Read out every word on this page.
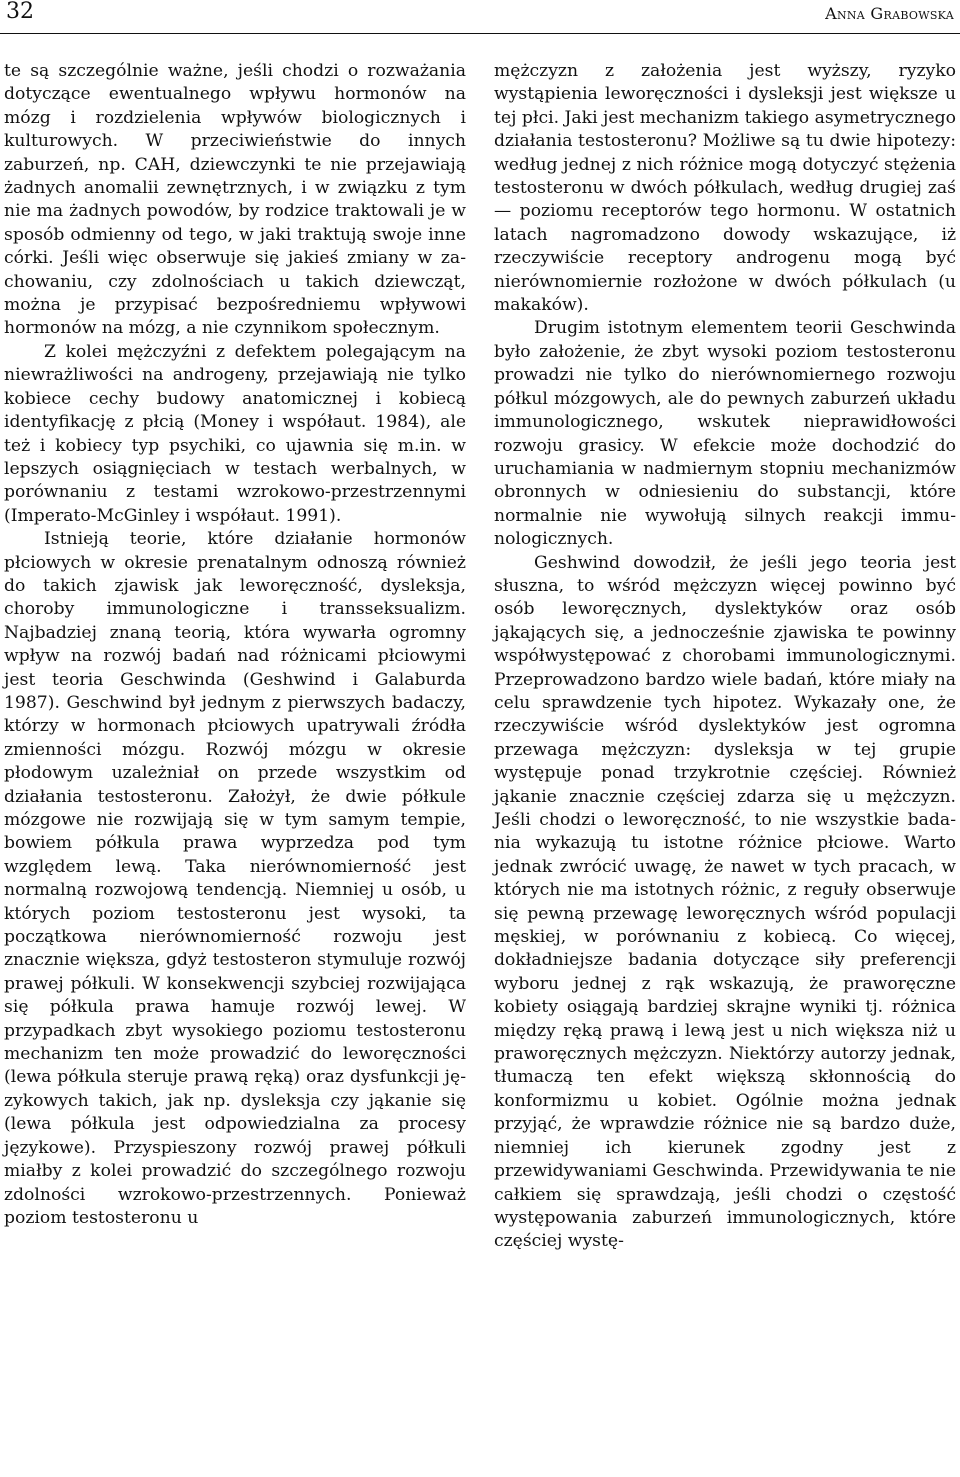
32	Anna Grabowska

te są szczególnie ważne, jeśli chodzi o rozważania dotyczące ewentualnego wpływu hormonów na mózg i rozdzielenia wpływów biologicznych i kulturowych. W przeciwieństwie do innych zaburzeń, np. CAH, dziewczynki te nie przejawiają żadnych anomalii zewnętrznych, i w związku z tym nie ma żadnych powodów, by rodzice traktowali je w sposób odmienny od tego, w jaki traktują swoje inne córki. Jeśli więc obserwuje się jakieś zmiany w zachowaniu, czy zdolnościach u takich dziewcząt, można je przypisać bezpośredniemu wpływowi hormonów na mózg, a nie czynnikom społecznym.

Z kolei mężczyźni z defektem polegającym na niewrażliwości na androgeny, przejawiają nie tylko kobiece cechy budowy anatomicznej i kobiecą identyfikację z płcią (Money i współaut. 1984), ale też i kobiecy typ psychiki, co ujawnia się m.in. w lepszych osiągnięciach w testach werbalnych, w porównaniu z testami wzrokowo-przestrzennymi (Imperato-McGinley i współaut. 1991).

Istnieją teorie, które działanie hormonów płciowych w okresie prenatalnym odnoszą również do takich zjawisk jak leworęczność, dysleksja, choroby immunologiczne i transseksualizm. Najbadziej znaną teorią, która wywarła ogromny wpływ na rozwój badań nad różnicami płciowymi jest teoria Geschwinda (Geshwind i Galaburda 1987). Geschwind był jednym z pierwszych badaczy, którzy w hormonach płciowych upatrywali źródła zmienności mózgu. Rozwój mózgu w okresie płodowym uzależniał on przede wszystkim od działania testosteronu. Założył, że dwie półkule mózgowe nie rozwijają się w tym samym tempie, bowiem półkula prawa wyprzedza pod tym względem lewą. Taka nierównomierność jest normalną rozwojową tendencją. Niemniej u osób, u których poziom testosteronu jest wysoki, ta początkowa nierównomierność rozwoju jest znacznie większa, gdyż testosteron stymuluje rozwój prawej półkuli. W konsekwencji szybciej rozwijająca się półkula prawa hamuje rozwój lewej. W przypadkach zbyt wysokiego poziomu testosteronu mechanizm ten może prowadzić do leworęczności (lewa półkula steruje prawą ręką) oraz dysfunkcji językowych takich, jak np. dysleksja czy jąkanie się (lewa półkula jest odpowiedzialna za procesy językowe). Przyspieszony rozwój prawej półkuli miałby z kolei prowadzić do szczególnego rozwoju zdolności wzrokowo-przestrzennych. Ponieważ poziom testosteronu u

mężczyzn z założenia jest wyższy, ryzyko wystąpienia leworęczności i dysleksji jest większe u tej płci. Jaki jest mechanizm takiego asymetrycznego działania testosteronu? Możliwe są tu dwie hipotezy: według jednej z nich różnice mogą dotyczyć stężenia testosteronu w dwóch półkulach, według drugiej zaś — poziomu receptorów tego hormonu. W ostatnich latach nagromadzono dowody wskazujące, iż rzeczywiście receptory androgenu mogą być nierównomiernie rozłożone w dwóch półkulach (u makaków).

Drugim istotnym elementem teorii Geschwinda było założenie, że zbyt wysoki poziom testosteronu prowadzi nie tylko do nierównomiernego rozwoju półkul mózgowych, ale do pewnych zaburzeń układu immunologicznego, wskutek nieprawidłowości rozwoju grasicy. W efekcie może dochodzić do uruchamiania w nadmiernym stopniu mechanizmów obronnych w odniesieniu do substancji, które normalnie nie wywołują silnych reakcji immunologicznych.

Geshwind dowodził, że jeśli jego teoria jest słuszna, to wśród mężczyzn więcej powinno być osób leworęcznych, dyslektyków oraz osób jąkających się, a jednocześnie zjawiska te powinny współwystępować z chorobami immunologicznymi. Przeprowadzono bardzo wiele badań, które miały na celu sprawdzenie tych hipotez. Wykazały one, że rzeczywiście wśród dyslektyków jest ogromna przewaga mężczyzn: dysleksja w tej grupie występuje ponad trzykrotnie częściej. Również jąkanie znacznie częściej zdarza się u mężczyzn. Jeśli chodzi o leworęczność, to nie wszystkie badania wykazują tu istotne różnice płciowe. Warto jednak zwrócić uwagę, że nawet w tych pracach, w których nie ma istotnych różnic, z reguły obserwuje się pewną przewagę leworęcznych wśród populacji męskiej, w porównaniu z kobiecą. Co więcej, dokładniejsze badania dotyczące siły preferencji wyboru jednej z rąk wskazują, że praworęczne kobiety osiągają bardziej skrajne wyniki tj. różnica między ręką prawą i lewą jest u nich większa niż u praworęcznych mężczyzn. Niektórzy autorzy jednak, tłumaczą ten efekt większą skłonnością do konformizmu u kobiet. Ogólnie można jednak przyjąć, że wprawdzie różnice nie są bardzo duże, niemniej ich kierunek zgodny jest z przewidywaniami Geschwinda. Przewidywania te nie całkiem się sprawdzają, jeśli chodzi o częstość występowania zaburzeń immunologicznych, które częściej wystę-
